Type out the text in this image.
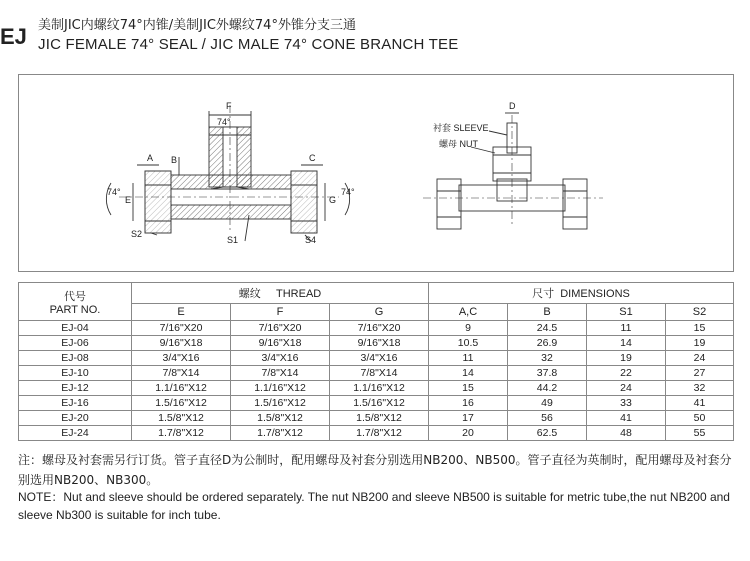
EJ 美制JIC内螺纹74°内锥/美制JIC外螺纹74°外锥分支三通
JIC FEMALE 74° SEAL / JIC MALE 74° CONE BRANCH TEE
F
74°
A B	C
74°	74°
E	G
S2
S1	S4
D
衬套 SLEEVE
螺母 NUT
代号
PART NO.	螺纹     THREAD			尺寸  DIMENSIONS			
	E	F	G	A,C	B	S1	S2
EJ-04	7/16"X20	7/16"X20	7/16"X20	9	24.5	11	15
EJ-06	9/16"X18	9/16"X18	9/16"X18	10.5	26.9	14	19
EJ-08	3/4"X16	3/4"X16	3/4"X16	11	32	19	24
EJ-10	7/8"X14	7/8"X14	7/8"X14	14	37.8	22	27
EJ-12	1.1/16"X12	1.1/16"X12	1.1/16"X12	15	44.2	24	32
EJ-16	1.5/16"X12	1.5/16"X12	1.5/16"X12	16	49	33	41
EJ-20	1.5/8"X12	1.5/8"X12	1.5/8"X12	17	56	41	50
EJ-24	1.7/8"X12	1.7/8"X12	1.7/8"X12	20	62.5	48	55
注：螺母及衬套需另行订货。管子直径D为公制时，配用螺母及衬套分别选用NB200、NB500。管子直径为英制时，配用螺母及衬套分别选用NB200、NB300。
NOTE：Nut and sleeve should be ordered separately. The nut NB200 and sleeve NB500 is suitable for metric tube,the nut NB200 and sleeve Nb300 is suitable for inch tube.
